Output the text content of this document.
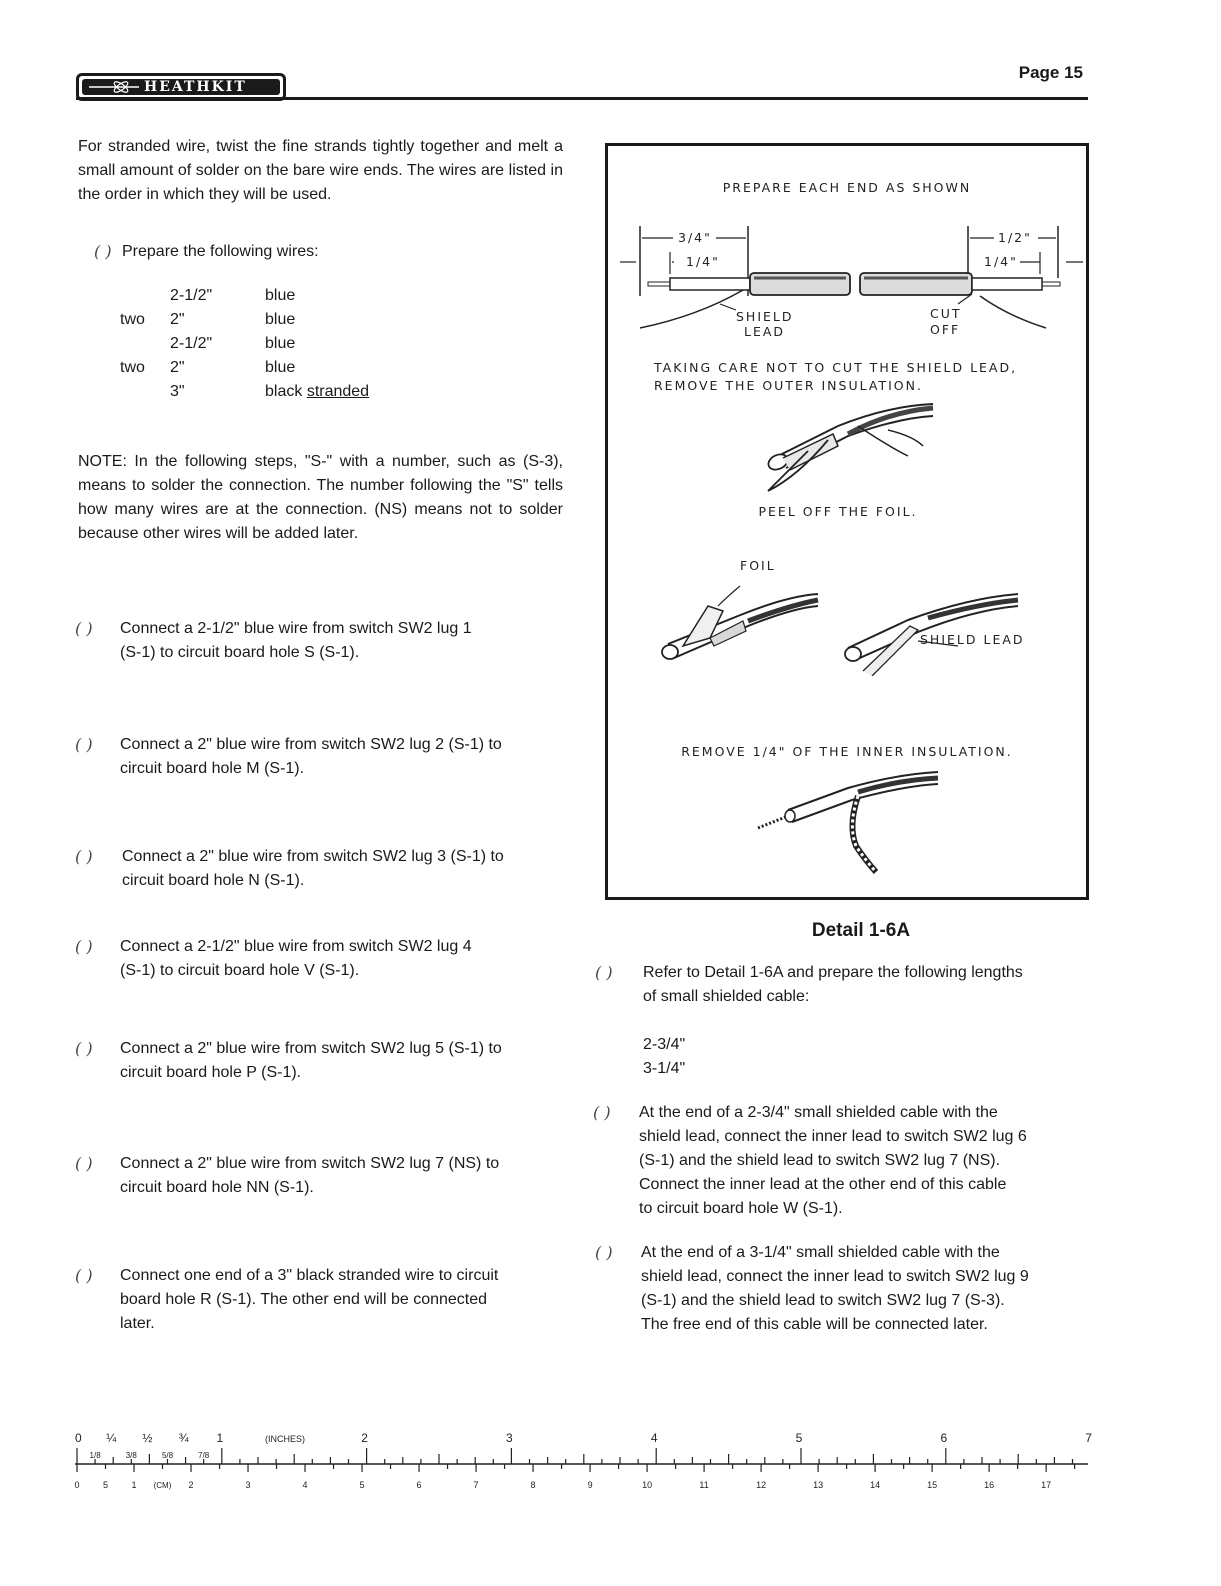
HEATHKIT
Page 15
For stranded wire, twist the fine strands tightly together and melt a small amount of solder on the bare wire ends. The wires are listed in the order in which they will be used.
( ) Prepare the following wires:
	2-1/2"	blue
two	2"	blue
	2-1/2"	blue
two	2"	blue
	3"	black stranded
NOTE: In the following steps, "S-" with a number, such as (S-3), means to solder the connection. The number following the "S" tells how many wires are at the connection. (NS) means not to solder because other wires will be added later.
( )	Connect a 2-1/2" blue wire from switch SW2 lug 1
(S-1) to circuit board hole S (S-1).
( )	Connect a 2" blue wire from switch SW2 lug 2 (S-1) to
circuit board hole M (S-1).
( )	Connect a 2" blue wire from switch SW2 lug 3 (S-1) to
circuit board hole N (S-1).
( )	Connect a 2-1/2" blue wire from switch SW2 lug 4
(S-1) to circuit board hole V (S-1).
( )	Connect a 2" blue wire from switch SW2 lug 5 (S-1) to
circuit board hole P (S-1).
( )	Connect a 2" blue wire from switch SW2 lug 7 (NS) to
circuit board hole NN (S-1).
( )	Connect one end of a 3" black stranded wire to circuit
board hole R (S-1). The other end will be connected
later.
PREPARE EACH END AS SHOWN
3/4"
1/4"
1/2"
1/4"
SHIELD
LEAD
CUT
OFF
TAKING CARE NOT TO CUT THE SHIELD LEAD,
REMOVE THE OUTER INSULATION.
PEEL OFF THE FOIL.
FOIL
SHIELD LEAD
REMOVE 1/4" OF THE INNER INSULATION.
Detail 1-6A
( )	Refer to Detail 1-6A and prepare the following lengths
of small shielded cable:
2-3/4"
3-1/4"
( )	At the end of a 2-3/4" small shielded cable with the
shield lead, connect the inner lead to switch SW2 lug 6
(S-1) and the shield lead to switch SW2 lug 7 (NS).
Connect the inner lead at the other end of this cable
to circuit board hole W (S-1).
( )	At the end of a 3-1/4" small shielded cable with the
shield lead, connect the inner lead to switch SW2 lug 9
(S-1) and the shield lead to switch SW2 lug 7 (S-3).
The free end of this cable will be connected later.
0 ¼ ½ ¾ 1	(INCHES)	2	3	4	5	6	7
1/8	3/8	5/8	7/8
0	5	1 (CM) 2	3	4	5	6	7	8	9	10	11	12	13	14	15	16	17
